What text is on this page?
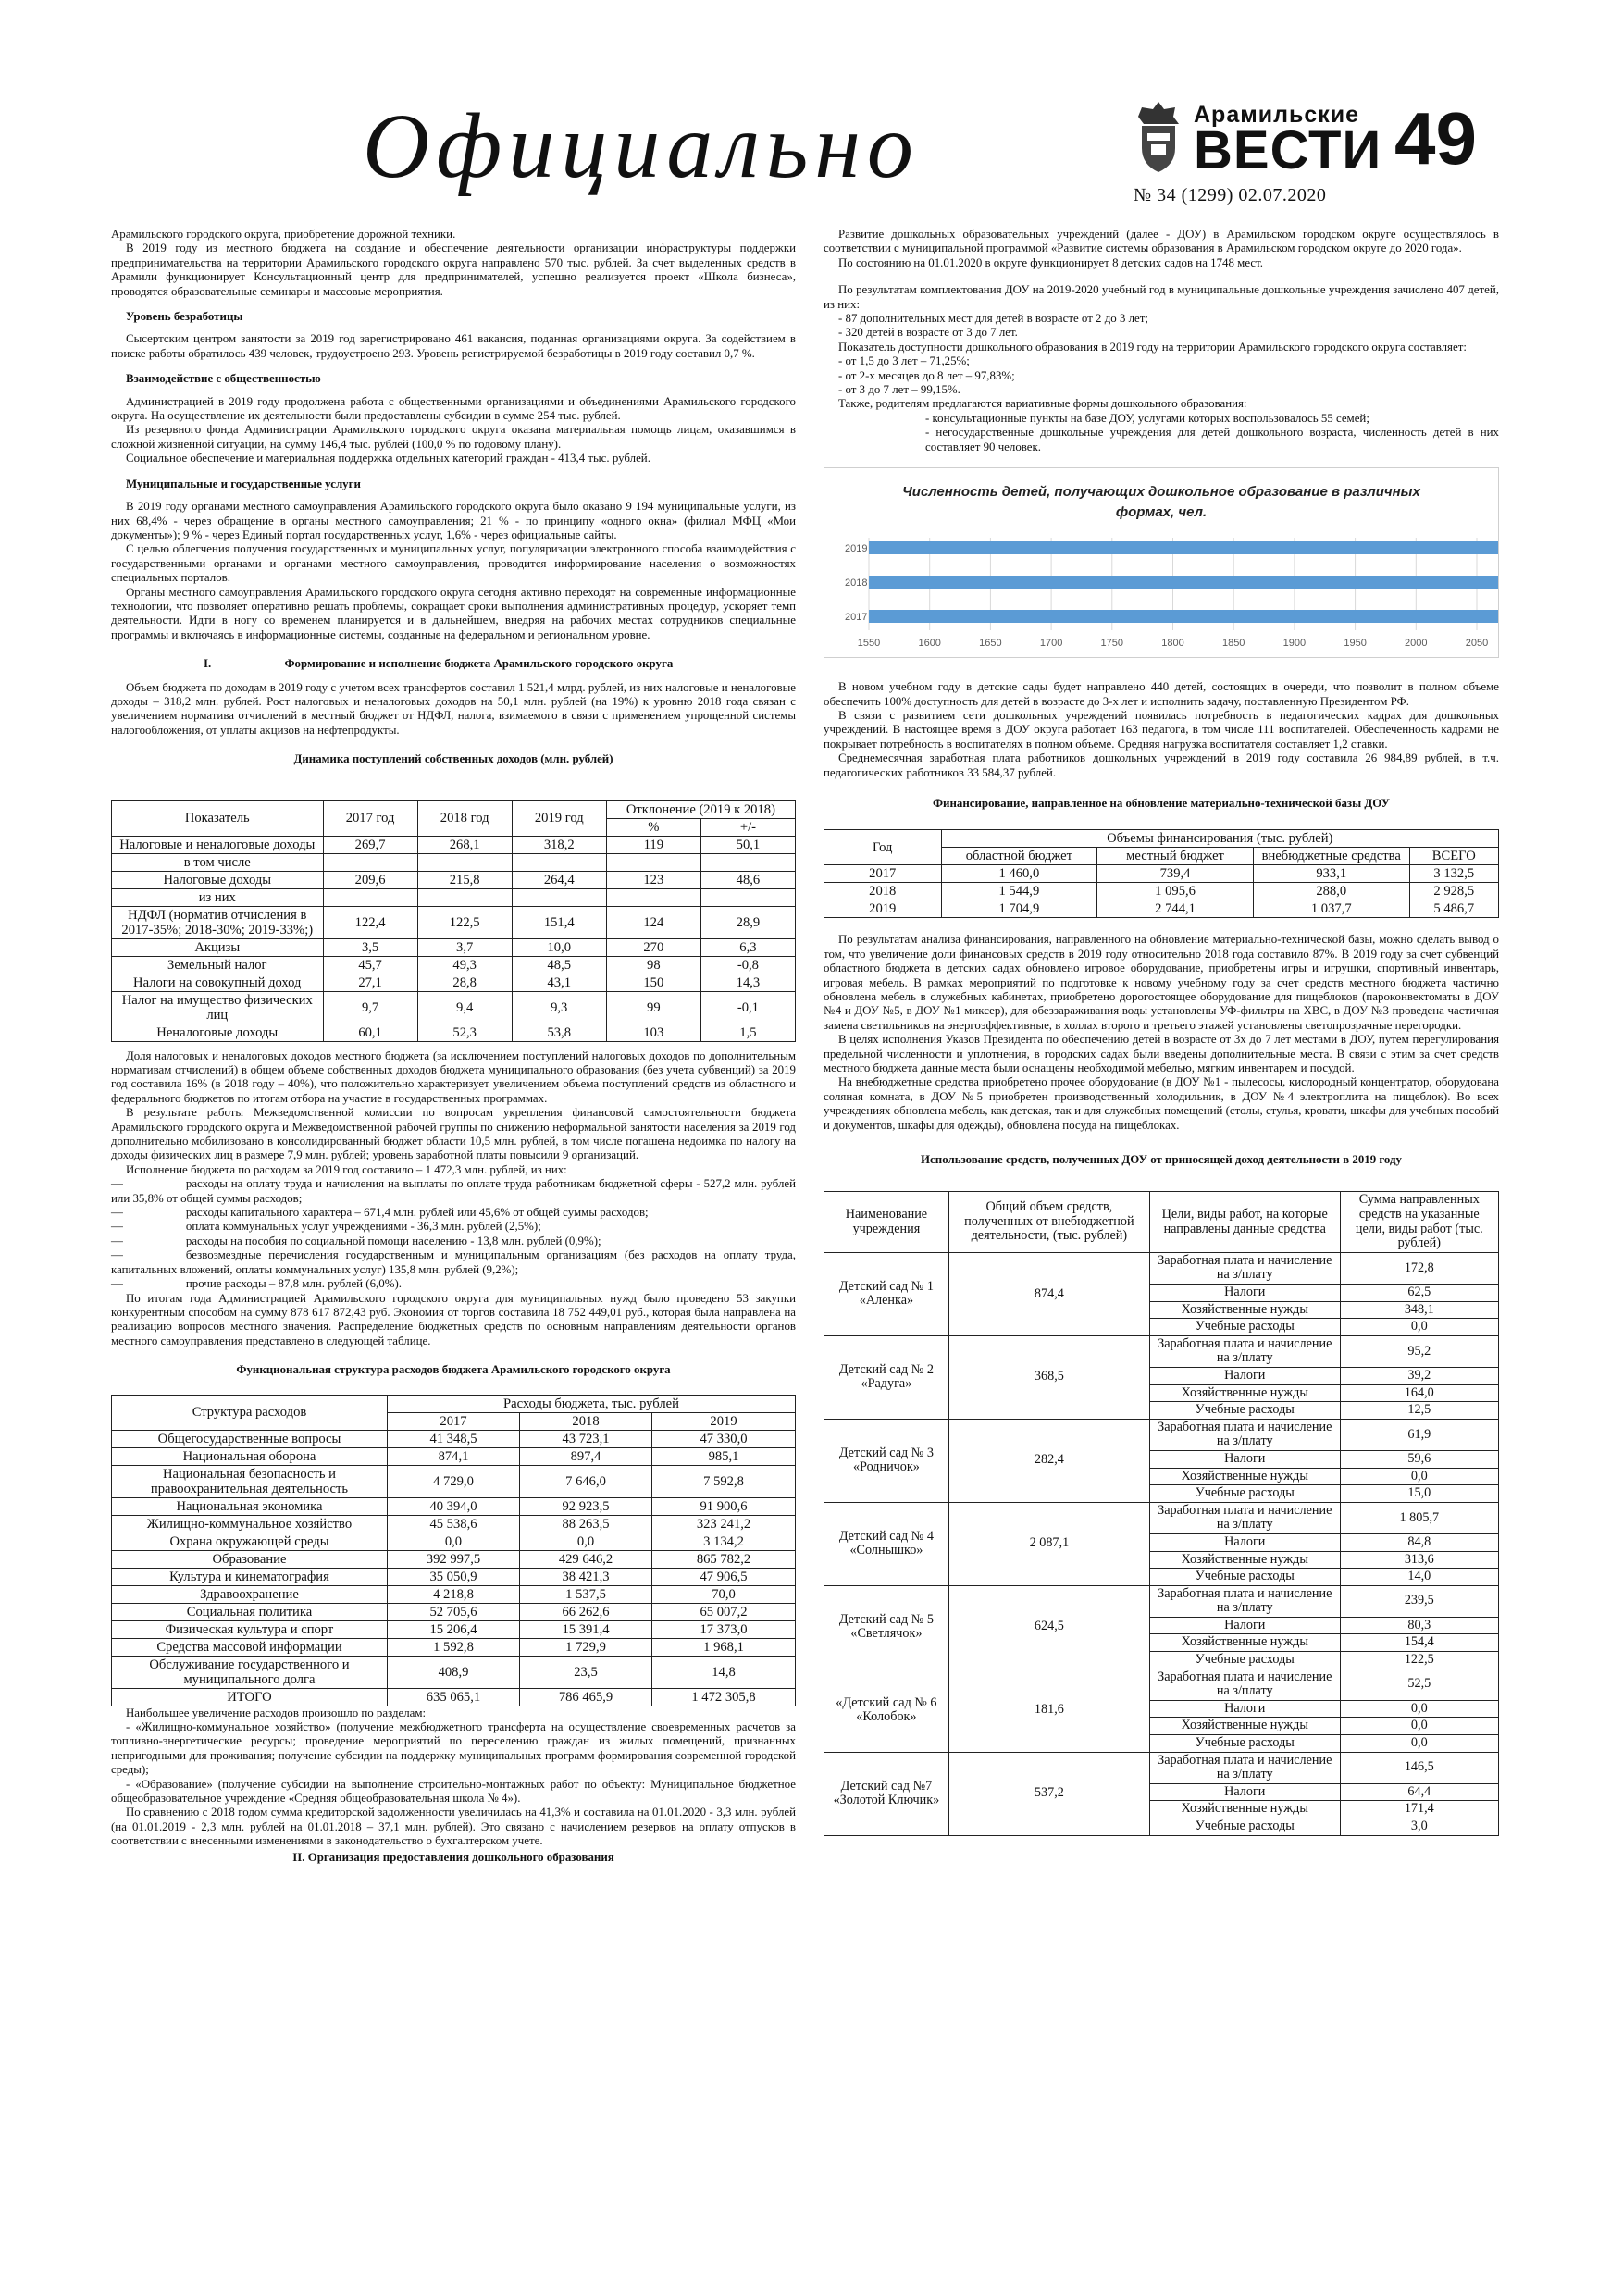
Официально	Арамильские
ВЕСТИ 49
№ 34 (1299) 02.07.2020

Арамильского городского округа, приобретение дорожной техники.

В 2019 году из местного бюджета на создание и обеспечение деятельности организации инфраструктуры поддержки предпринимательства на территории Арамильского городского округа направлено 570 тыс. рублей. За счет выделенных средств в Арамили функционирует Консультационный центр для предпринимателей, успешно реализуется проект «Школа бизнеса», проводятся образовательные семинары и массовые мероприятия.

Уровень безработицы

Сысертским центром занятости за 2019 год зарегистрировано 461 вакансия, поданная организациями округа. За содействием в поиске работы обратилось 439 человек, трудоустроено 293. Уровень регистрируемой безработицы в 2019 году составил 0,7 %.

Взаимодействие с общественностью

Администрацией в 2019 году продолжена работа с общественными организациями и объединениями Арамильского городского округа. На осуществление их деятельности были предоставлены субсидии в сумме 254 тыс. рублей.

Из резервного фонда Администрации Арамильского городского округа оказана материальная помощь лицам, оказавшимся в сложной жизненной ситуации, на сумму 146,4 тыс. рублей (100,0 % по годовому плану).

Социальное обеспечение и материальная поддержка отдельных категорий граждан - 413,4 тыс. рублей.

Муниципальные и государственные услуги

В 2019 году органами местного самоуправления Арамильского городского округа было оказано 9 194 муниципальные услуги, из них 68,4% - через обращение в органы местного самоуправления; 21 % - по принципу «одного окна» (филиал МФЦ «Мои документы»); 9 % - через Единый портал государственных услуг, 1,6% - через официальные сайты.

С целью облегчения получения государственных и муниципальных услуг, популяризации электронного способа взаимодействия с государственными органами и органами местного самоуправления, проводится информирование населения о возможностях специальных порталов.

Органы местного самоуправления Арамильского городского округа сегодня активно переходят на современные информационные технологии, что позволяет оперативно решать проблемы, сокращает сроки выполнения административных процедур, ускоряет темп деятельности. Идти в ногу со временем планируется и в дальнейшем, внедряя на рабочих местах сотрудников специальные программы и включаясь в информационные системы, созданные на федеральном и региональном уровне.

I.	Формирование и исполнение бюджета Арамильского городского округа

Объем бюджета по доходам в 2019 году с учетом всех трансфертов составил 1 521,4 млрд. рублей, из них налоговые и неналоговые доходы – 318,2 млн. рублей. Рост налоговых и неналоговых доходов на 50,1 млн. рублей (на 19%) к уровню 2018 года связан с увеличением норматива отчислений в местный бюджет от НДФЛ, налога, взимаемого в связи с применением упрощенной системы налогообложения, от уплаты акцизов на нефтепродукты.

Динамика поступлений собственных доходов (млн. рублей)
Показатель	2017 год	2018 год	2019 год	Отклонение (2019 к 2018)	
				%	+/-
Налоговые и неналоговые доходы	269,7	268,1	318,2	119	50,1
в том числе					
Налоговые доходы	209,6	215,8	264,4	123	48,6
из них					
НДФЛ (норматив отчисления в 2017-35%; 2018-30%; 2019-33%;)	122,4	122,5	151,4	124	28,9
Акцизы	3,5	3,7	10,0	270	6,3
Земельный налог	45,7	49,3	48,5	98	-0,8
Налоги на совокупный доход	27,1	28,8	43,1	150	14,3
Налог на имущество физических лиц	9,7	9,4	9,3	99	-0,1
Неналоговые доходы	60,1	52,3	53,8	103	1,5

Доля налоговых и неналоговых доходов местного бюджета (за исключением поступлений налоговых доходов по дополнительным нормативам отчислений) в общем объеме собственных доходов бюджета муниципального образования (без учета субвенций) за 2019 год составила 16% (в 2018 году – 40%), что положительно характеризует увеличением объема поступлений средств из областного и федерального бюджетов по итогам отбора на участие в государственных программах.

В результате работы Межведомственной комиссии по вопросам укрепления финансовой самостоятельности бюджета Арамильского городского округа и Межведомственной рабочей группы по снижению неформальной занятости населения за 2019 год дополнительно мобилизовано в консолидированный бюджет области 10,5 млн. рублей, в том числе погашена недоимка по налогу на доходы физических лиц в размере 7,9 млн. рублей; уровень заработной платы повысили 9 организаций.

Исполнение бюджета по расходам за 2019 год составило – 1 472,3 млн. рублей, из них:

—	расходы на оплату труда и начисления на выплаты по оплате труда работникам бюджетной сферы - 527,2 млн. рублей или 35,8% от общей суммы расходов;

—	расходы капитального характера – 671,4 млн. рублей или 45,6% от общей суммы расходов;

—	оплата коммунальных услуг учреждениями - 36,3 млн. рублей (2,5%);

—	расходы на пособия по социальной помощи населению - 13,8 млн. рублей (0,9%);

—	безвозмездные перечисления государственным и муниципальным организациям (без расходов на оплату труда, капитальных вложений, оплаты коммунальных услуг) 135,8 млн. рублей (9,2%);

—	прочие расходы – 87,8 млн. рублей (6,0%).

По итогам года Администрацией Арамильского городского округа для муниципальных нужд было проведено 53 закупки конкурентным способом на сумму 878 617 872,43 руб. Экономия от торгов составила 18 752 449,01 руб., которая была направлена на реализацию вопросов местного значения. Распределение бюджетных средств по основным направлениям деятельности органов местного самоуправления представлено в следующей таблице.

Функциональная структура расходов бюджета Арамильского городского округа
Структура расходов	Расходы бюджета, тыс. рублей		
	2017	2018	2019
Общегосударственные вопросы	41 348,5	43 723,1	47 330,0
Национальная оборона	874,1	897,4	985,1
Национальная безопасность и правоохранительная деятельность	4 729,0	7 646,0	7 592,8
Национальная экономика	40 394,0	92 923,5	91 900,6
Жилищно-коммунальное хозяйство	45 538,6	88 263,5	323 241,2
Охрана окружающей среды	0,0	0,0	3 134,2
Образование	392 997,5	429 646,2	865 782,2
Культура и кинематография	35 050,9	38 421,3	47 906,5
Здравоохранение	4 218,8	1 537,5	70,0
Социальная политика	52 705,6	66 262,6	65 007,2
Физическая культура и спорт	15 206,4	15 391,4	17 373,0
Средства массовой информации	1 592,8	1 729,9	1 968,1
Обслуживание государственного и муниципального долга	408,9	23,5	14,8
ИТОГО	635 065,1	786 465,9	1 472 305,8

Наибольшее увеличение расходов произошло по разделам:

- «Жилищно-коммунальное хозяйство» (получение межбюджетного трансферта на осуществление своевременных расчетов за топливно-энергетические ресурсы; проведение мероприятий по переселению граждан из жилых помещений, признанных непригодными для проживания; получение субсидии на поддержку муниципальных программ формирования современной городской среды);

- «Образование» (получение субсидии на выполнение строительно-монтажных работ по объекту: Муниципальное бюджетное общеобразовательное учреждение «Средняя общеобразовательная школа № 4»).

По сравнению с 2018 годом сумма кредиторской задолженности увеличилась на 41,3% и составила на 01.01.2020 - 3,3 млн. рублей (на 01.01.2019 - 2,3 млн. рублей на 01.01.2018 – 37,1 млн. рублей). Это связано с начислением резервов на оплату отпусков в соответствии с внесенными изменениями в законодательство о бухгалтерском учете.

II. Организация предоставления дошкольного образования

Развитие дошкольных образовательных учреждений (далее - ДОУ) в Арамильском городском округе осуществлялось в соответствии с муниципальной программой «Развитие системы образования в Арамильском городском округе до 2020 года».

По состоянию на 01.01.2020 в округе функционирует 8 детских садов на 1748 мест.

По результатам комплектования ДОУ на 2019-2020 учебный год в муниципальные дошкольные учреждения зачислено 407 детей, из них:

- 87 дополнительных мест для детей в возрасте от 2 до 3 лет;

- 320 детей в возрасте от 3 до 7 лет.

Показатель доступности дошкольного образования в 2019 году на территории Арамильского городского округа составляет:

- от 1,5 до 3 лет – 71,25%;

- от 2-х месяцев до 8 лет – 97,83%;

- от 3 до 7 лет – 99,15%.

Также, родителям предлагаются вариативные формы дошкольного образования:

- консультационные пункты на базе ДОУ, услугами которых воспользовалось 55 семей;

- негосударственные дошкольные учреждения для детей дошкольного возраста, численность детей в них составляет 90 человек.

Численность детей, получающих дошкольное образование в различных
формах, чел.
1550	1600	1650	1700	1750	1800	1850	1900	1950	2000	2050
2019
2018
2017

В новом учебном году в детские сады будет направлено 440 детей, состоящих в очереди, что позволит в полном объеме обеспечить 100% доступность для детей в возрасте до 3-х лет и исполнить задачу, поставленную Президентом РФ.

В связи с развитием сети дошкольных учреждений появилась потребность в педагогических кадрах для дошкольных учреждений. В настоящее время в ДОУ округа работает 163 педагога, в том числе 111 воспитателей. Обеспеченность кадрами не покрывает потребность в воспитателях в полном объеме. Средняя нагрузка воспитателя составляет 1,2 ставки.

Среднемесячная заработная плата работников дошкольных учреждений в 2019 году составила 26 984,89 рублей, в т.ч. педагогических работников 33 584,37 рублей.

Финансирование, направленное на обновление материально-технической базы ДОУ
Год	Объемы финансирования (тыс. рублей)			
	областной бюджет	местный бюджет	внебюджетные средства	ВСЕГО
2017	1 460,0	739,4	933,1	3 132,5
2018	1 544,9	1 095,6	288,0	2 928,5
2019	1 704,9	2 744,1	1 037,7	5 486,7

По результатам анализа финансирования, направленного на обновление материально-технической базы, можно сделать вывод о том, что увеличение доли финансовых средств в 2019 году относительно 2018 года составило 87%. В 2019 году за счет субвенций областного бюджета в детских садах обновлено игровое оборудование, приобретены игры и игрушки, спортивный инвентарь, игровая мебель. В рамках мероприятий по подготовке к новому учебному году за счет средств местного бюджета частично обновлена мебель в служебных кабинетах, приобретено дорогостоящее оборудование для пищеблоков (пароконвектоматы в ДОУ №4 и ДОУ №5, в ДОУ №1 миксер), для обеззараживания воды установлены УФ-фильтры на ХВС, в ДОУ №3 проведена частичная замена светильников на энергоэффективные, в холлах второго и третьего этажей установлены светопрозрачные перегородки.

В целях исполнения Указов Президента по обеспечению детей в возрасте от 3х до 7 лет местами в ДОУ, путем перегулирования предельной численности и уплотнения, в городских садах были введены дополнительные места. В связи с этим за счет средств местного бюджета данные места были оснащены необходимой мебелью, мягким инвентарем и посудой.

На внебюджетные средства приобретено прочее оборудование (в ДОУ №1 - пылесосы, кислородный концентратор, оборудована соляная комната, в ДОУ №5 приобретен производственный холодильник, в ДОУ №4 электроплита на пищеблок). Во всех учреждениях обновлена мебель, как детская, так и для служебных помещений (столы, стулья, кровати, шкафы для учебных пособий и документов, шкафы для одежды), обновлена посуда на пищеблоках.

Использование средств, полученных ДОУ от приносящей доход деятельности в 2019 году
Наименование учреждения	Общий объем средств, полученных от внебюджетной деятельности, (тыс. рублей)	Цели, виды работ, на которые направлены данные средства	Сумма направленных средств на указанные цели, виды работ (тыс. рублей)
Детский сад № 1 «Аленка»	874,4	Заработная плата и начисление на з/плату	172,8
		Налоги	62,5
		Хозяйственные нужды	348,1
		Учебные расходы	0,0
Детский сад № 2 «Радуга»	368,5	Заработная плата и начисление на з/плату	95,2
		Налоги	39,2
		Хозяйственные нужды	164,0
		Учебные расходы	12,5
Детский сад № 3 «Родничок»	282,4	Заработная плата и начисление на з/плату	61,9
		Налоги	59,6
		Хозяйственные нужды	0,0
		Учебные расходы	15,0
Детский сад № 4 «Солнышко»	2 087,1	Заработная плата и начисление на з/плату	1 805,7
		Налоги	84,8
		Хозяйственные нужды	313,6
		Учебные расходы	14,0
Детский сад № 5 «Светлячок»	624,5	Заработная плата и начисление на з/плату	239,5
		Налоги	80,3
		Хозяйственные нужды	154,4
		Учебные расходы	122,5
«Детский сад № 6 «Колобок»	181,6	Заработная плата и начисление на з/плату	52,5
		Налоги	0,0
		Хозяйственные нужды	0,0
		Учебные расходы	0,0
Детский сад №7 «Золотой Ключик»	537,2	Заработная плата и начисление на з/плату	146,5
		Налоги	64,4
		Хозяйственные нужды	171,4
		Учебные расходы	3,0
